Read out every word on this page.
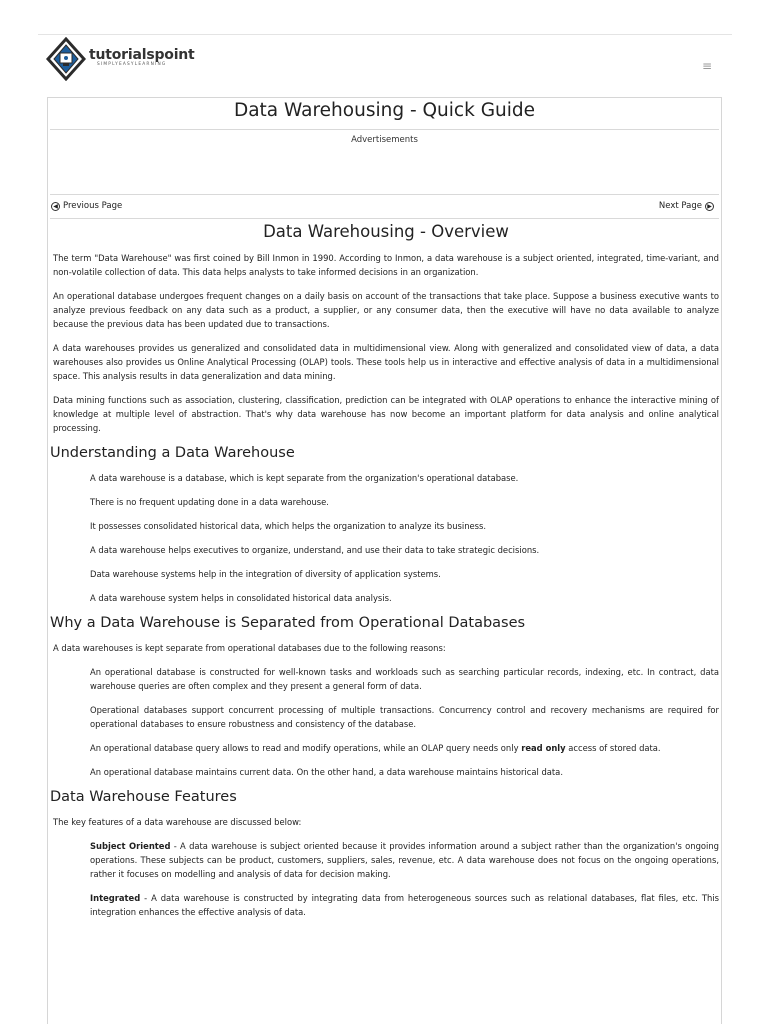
tutorialspoint
SIMPLYEASYLEARNING	≡
Data Warehousing - Quick Guide
Advertisements
◀ Previous Page	Next Page ▶
Data Warehousing - Overview

The term "Data Warehouse" was first coined by Bill Inmon in 1990. According to Inmon, a data warehouse is a subject oriented, integrated, time-variant, and non-volatile collection of data. This data helps analysts to take informed decisions in an organization.

An operational database undergoes frequent changes on a daily basis on account of the transactions that take place. Suppose a business executive wants to analyze previous feedback on any data such as a product, a supplier, or any consumer data, then the executive will have no data available to analyze because the previous data has been updated due to transactions.

A data warehouses provides us generalized and consolidated data in multidimensional view. Along with generalized and consolidated view of data, a data warehouses also provides us Online Analytical Processing (OLAP) tools. These tools help us in interactive and effective analysis of data in a multidimensional space. This analysis results in data generalization and data mining.

Data mining functions such as association, clustering, classification, prediction can be integrated with OLAP operations to enhance the interactive mining of knowledge at multiple level of abstraction. That's why data warehouse has now become an important platform for data analysis and online analytical processing.

Understanding a Data Warehouse
A data warehouse is a database, which is kept separate from the organization's operational database.
There is no frequent updating done in a data warehouse.
It possesses consolidated historical data, which helps the organization to analyze its business.
A data warehouse helps executives to organize, understand, and use their data to take strategic decisions.
Data warehouse systems help in the integration of diversity of application systems.
A data warehouse system helps in consolidated historical data analysis.
Why a Data Warehouse is Separated from Operational Databases

A data warehouses is kept separate from operational databases due to the following reasons:

An operational database is constructed for well-known tasks and workloads such as searching particular records, indexing, etc. In contract, data warehouse queries are often complex and they present a general form of data.
Operational databases support concurrent processing of multiple transactions. Concurrency control and recovery mechanisms are required for operational databases to ensure robustness and consistency of the database.
An operational database query allows to read and modify operations, while an OLAP query needs only read only access of stored data.
An operational database maintains current data. On the other hand, a data warehouse maintains historical data.
Data Warehouse Features

The key features of a data warehouse are discussed below:

Subject Oriented - A data warehouse is subject oriented because it provides information around a subject rather than the organization's ongoing operations. These subjects can be product, customers, suppliers, sales, revenue, etc. A data warehouse does not focus on the ongoing operations, rather it focuses on modelling and analysis of data for decision making.
Integrated - A data warehouse is constructed by integrating data from heterogeneous sources such as relational databases, flat files, etc. This integration enhances the effective analysis of data.
